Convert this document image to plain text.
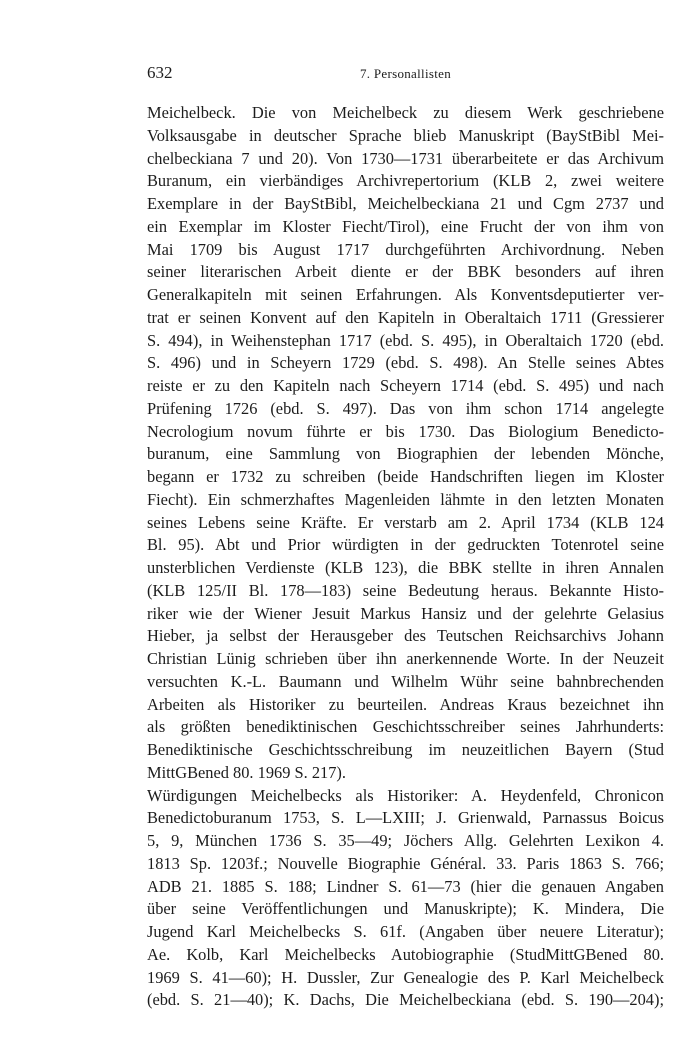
632	7. Personallisten
Meichelbeck. Die von Meichelbeck zu diesem Werk geschriebene
Volksausgabe in deutscher Sprache blieb Manuskript (BayStBibl Mei-
chelbeckiana 7 und 20). Von 1730—1731 überarbeitete er das Archivum
Buranum, ein vierbändiges Archivrepertorium (KLB 2, zwei weitere
Exemplare in der BayStBibl, Meichelbeckiana 21 und Cgm 2737 und
ein Exemplar im Kloster Fiecht/Tirol), eine Frucht der von ihm von
Mai 1709 bis August 1717 durchgeführten Archivordnung. Neben
seiner literarischen Arbeit diente er der BBK besonders auf ihren
Generalkapiteln mit seinen Erfahrungen. Als Konventsdeputierter ver-
trat er seinen Konvent auf den Kapiteln in Oberaltaich 1711 (Gressierer
S. 494), in Weihenstephan 1717 (ebd. S. 495), in Oberaltaich 1720 (ebd.
S. 496) und in Scheyern 1729 (ebd. S. 498). An Stelle seines Abtes
reiste er zu den Kapiteln nach Scheyern 1714 (ebd. S. 495) und nach
Prüfening 1726 (ebd. S. 497). Das von ihm schon 1714 angelegte
Necrologium novum führte er bis 1730. Das Biologium Benedicto-
buranum, eine Sammlung von Biographien der lebenden Mönche,
begann er 1732 zu schreiben (beide Handschriften liegen im Kloster
Fiecht). Ein schmerzhaftes Magenleiden lähmte in den letzten Monaten
seines Lebens seine Kräfte. Er verstarb am 2. April 1734 (KLB 124
Bl. 95). Abt und Prior würdigten in der gedruckten Totenrotel seine
unsterblichen Verdienste (KLB 123), die BBK stellte in ihren Annalen
(KLB 125/II Bl. 178—183) seine Bedeutung heraus. Bekannte Histo-
riker wie der Wiener Jesuit Markus Hansiz und der gelehrte Gelasius
Hieber, ja selbst der Herausgeber des Teutschen Reichsarchivs Johann
Christian Lünig schrieben über ihn anerkennende Worte. In der Neuzeit
versuchten K.-L. Baumann und Wilhelm Wühr seine bahnbrechenden
Arbeiten als Historiker zu beurteilen. Andreas Kraus bezeichnet ihn
als größten benediktinischen Geschichtsschreiber seines Jahrhunderts:
Benediktinische Geschichtsschreibung im neuzeitlichen Bayern (Stud
MittGBened 80. 1969 S. 217).
Würdigungen Meichelbecks als Historiker: A. Heydenfeld, Chronicon
Benedictoburanum 1753, S. L—LXIII; J. Grienwald, Parnassus Boicus
5, 9, München 1736 S. 35—49; Jöchers Allg. Gelehrten Lexikon 4.
1813 Sp. 1203f.; Nouvelle Biographie Général. 33. Paris 1863 S. 766;
ADB 21. 1885 S. 188; Lindner S. 61—73 (hier die genauen Angaben
über seine Veröffentlichungen und Manuskripte); K. Mindera, Die
Jugend Karl Meichelbecks S. 61f. (Angaben über neuere Literatur);
Ae. Kolb, Karl Meichelbecks Autobiographie (StudMittGBened 80.
1969 S. 41—60); H. Dussler, Zur Genealogie des P. Karl Meichelbeck
(ebd. S. 21—40); K. Dachs, Die Meichelbeckiana (ebd. S. 190—204);
